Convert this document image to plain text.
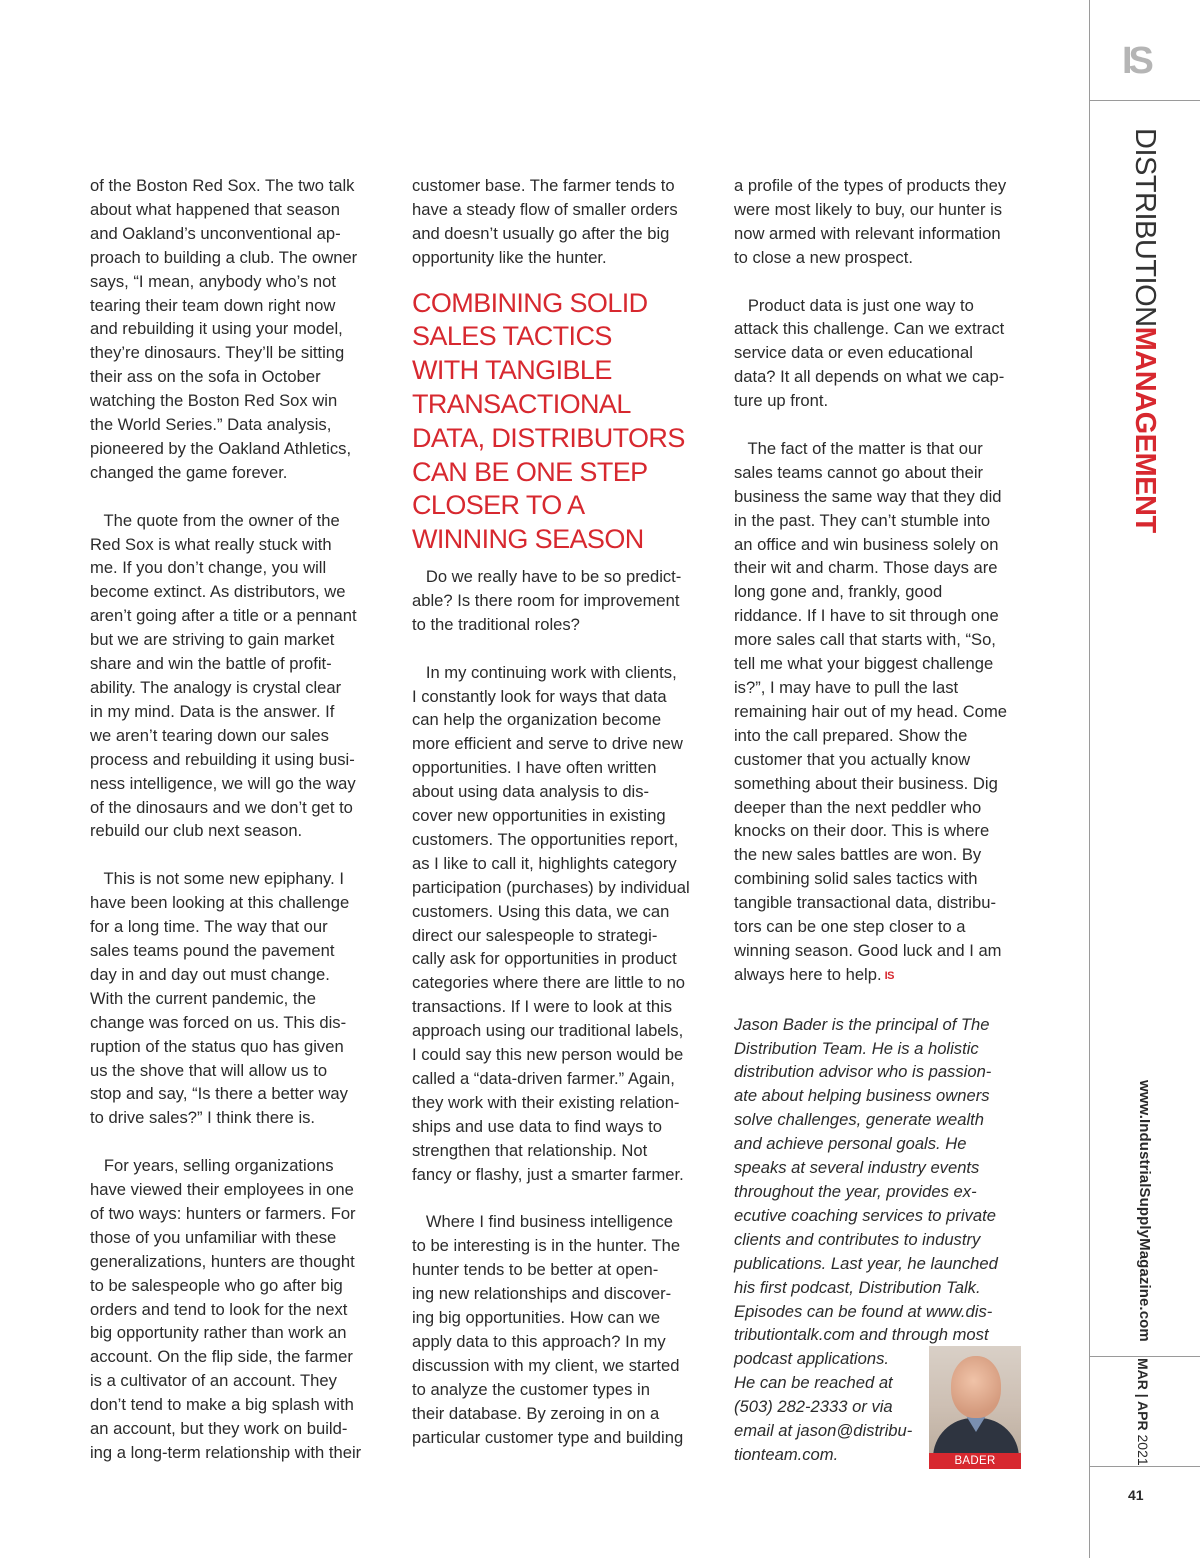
of the Boston Red Sox. The two talk

about what happened that season

and Oakland’s unconventional ap-

proach to building a club. The owner

says, “I mean, anybody who’s not

tearing their team down right now

and rebuilding it using your model,

they’re dinosaurs. They’ll be sitting

their ass on the sofa in October

watching the Boston Red Sox win

the World Series.” Data analysis,

pioneered by the Oakland Athletics,

changed the game forever.

The quote from the owner of the

Red Sox is what really stuck with

me. If you don’t change, you will

become extinct. As distributors, we

aren’t going after a title or a pennant

but we are striving to gain market

share and win the battle of profit-

ability. The analogy is crystal clear

in my mind. Data is the answer. If

we aren’t tearing down our sales

process and rebuilding it using busi-

ness intelligence, we will go the way

of the dinosaurs and we don’t get to

rebuild our club next season.

This is not some new epiphany. I

have been looking at this challenge

for a long time. The way that our

sales teams pound the pavement

day in and day out must change.

With the current pandemic, the

change was forced on us. This dis-

ruption of the status quo has given

us the shove that will allow us to

stop and say, “Is there a better way

to drive sales?” I think there is.

For years, selling organizations

have viewed their employees in one

of two ways: hunters or farmers. For

those of you unfamiliar with these

generalizations, hunters are thought

to be salespeople who go after big

orders and tend to look for the next

big opportunity rather than work an

account. On the flip side, the farmer

is a cultivator of an account. They

don’t tend to make a big splash with

an account, but they work on build-

ing a long-term relationship with their

customer base. The farmer tends to

have a steady flow of smaller orders

and doesn’t usually go after the big

opportunity like the hunter.

COMBINING SOLID
SALES TACTICS
WITH TANGIBLE
TRANSACTIONAL
DATA, DISTRIBUTORS
CAN BE ONE STEP
CLOSER TO A
WINNING SEASON

Do we really have to be so predict-

able? Is there room for improvement

to the traditional roles?

In my continuing work with clients,

I constantly look for ways that data

can help the organization become

more efficient and serve to drive new

opportunities. I have often written

about using data analysis to dis-

cover new opportunities in existing

customers. The opportunities report,

as I like to call it, highlights category

participation (purchases) by individual

customers. Using this data, we can

direct our salespeople to strategi-

cally ask for opportunities in product

categories where there are little to no

transactions. If I were to look at this

approach using our traditional labels,

I could say this new person would be

called a “data-driven farmer.” Again,

they work with their existing relation-

ships and use data to find ways to

strengthen that relationship. Not

fancy or flashy, just a smarter farmer.

Where I find business intelligence

to be interesting is in the hunter. The

hunter tends to be better at open-

ing new relationships and discover-

ing big opportunities. How can we

apply data to this approach? In my

discussion with my client, we started

to analyze the customer types in

their database. By zeroing in on a

particular customer type and building

a profile of the types of products they

were most likely to buy, our hunter is

now armed with relevant information

to close a new prospect.

Product data is just one way to

attack this challenge. Can we extract

service data or even educational

data? It all depends on what we cap-

ture up front.

The fact of the matter is that our

sales teams cannot go about their

business the same way that they did

in the past. They can’t stumble into

an office and win business solely on

their wit and charm. Those days are

long gone and, frankly, good

riddance. If I have to sit through one

more sales call that starts with, “So,

tell me what your biggest challenge

is?”, I may have to pull the last

remaining hair out of my head. Come

into the call prepared. Show the

customer that you actually know

something about their business. Dig

deeper than the next peddler who

knocks on their door. This is where

the new sales battles are won. By

combining solid sales tactics with

tangible transactional data, distribu-

tors can be one step closer to a

winning season. Good luck and I am

always here to help. IS

Jason Bader is the principal of The

Distribution Team. He is a holistic

distribution advisor who is passion-

ate about helping business owners

solve challenges, generate wealth

and achieve personal goals. He

speaks at several industry events

throughout the year, provides ex-

ecutive coaching services to private

clients and contributes to industry

publications. Last year, he launched

his first podcast, Distribution Talk.

Episodes can be found at www.dis-

tributiontalk.com and through most

podcast applications.

He can be reached at

(503) 282-2333 or via

email at jason@distribu-

tionteam.com.	BADER
IS
DISTRIBUTIONMANAGEMENT
www.IndustrialSupplyMagazine.com
MAR | APR 2021
41
